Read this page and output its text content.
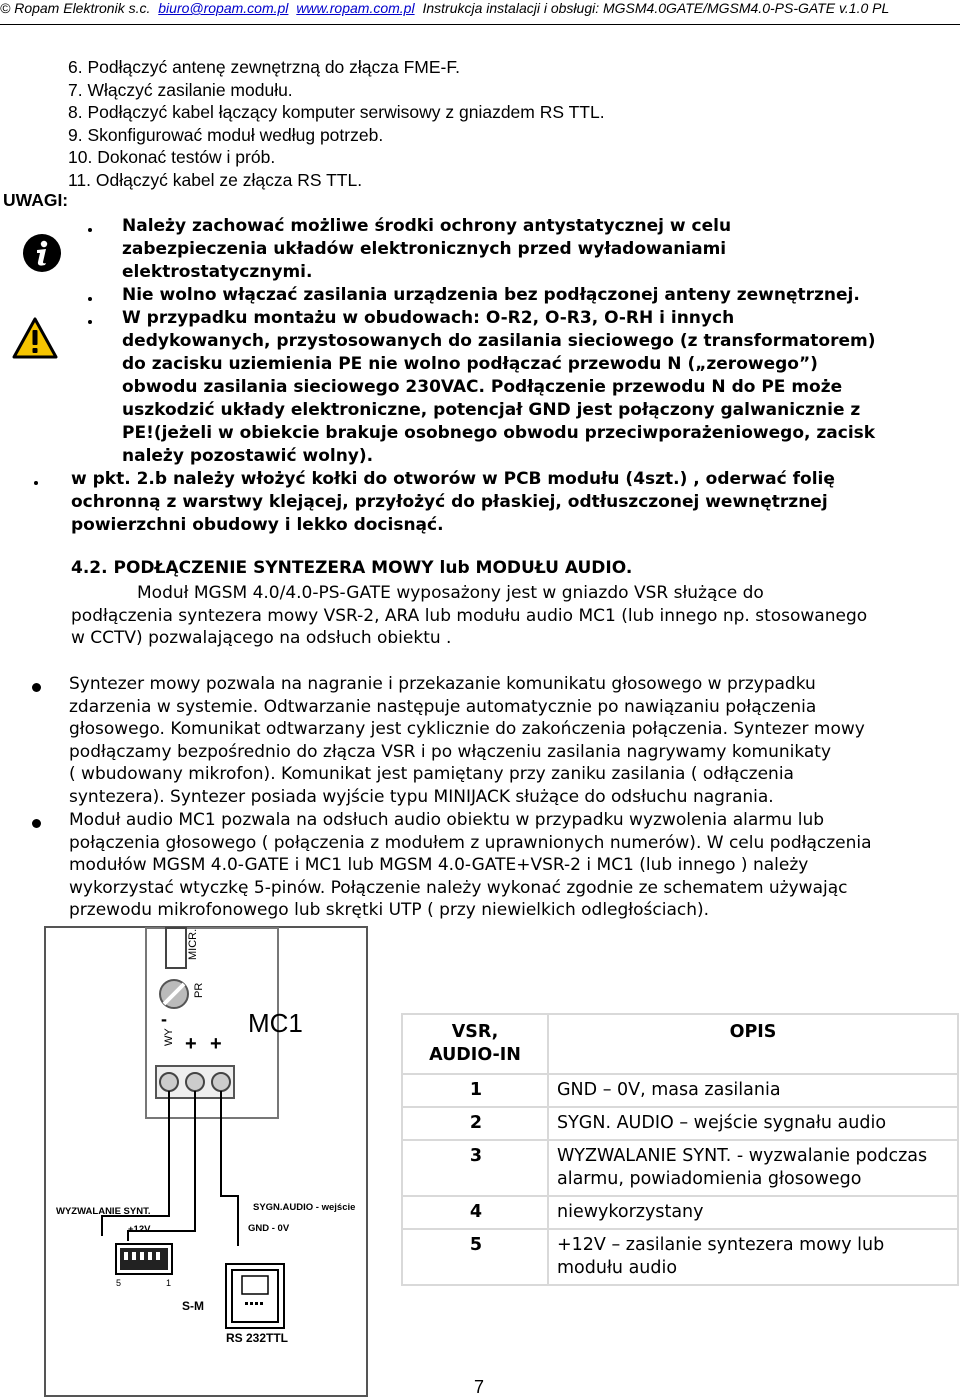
© Ropam Elektronik s.c. biuro@ropam.com.pl www.ropam.com.pl Instrukcja instalacji i obsługi: MGSM4.0GATE/MGSM4.0-PS-GATE v.1.0 PL
6. Podłączyć antenę zewnętrzną do złącza FME-F.
7. Włączyć zasilanie modułu.
8. Podłączyć kabel łączący komputer serwisowy z gniazdem RS TTL.
9. Skonfigurować moduł według potrzeb.
10. Dokonać testów i prób.
11. Odłączyć kabel ze złącza RS TTL.
UWAGI:
Należy zachować możliwe środki ochrony antystatycznej w celu
zabezpieczenia układów elektronicznych przed wyładowaniami
elektrostatycznymi.
Nie wolno włączać zasilania urządzenia bez podłączonej anteny zewnętrznej.
W przypadku montażu w obudowach: O-R2, O-R3, O-RH i innych
dedykowanych, przystosowanych do zasilania sieciowego (z transformatorem)
do zacisku uziemienia PE nie wolno podłączać przewodu N („zerowego”)
obwodu zasilania sieciowego 230VAC. Podłączenie przewodu N do PE może
uszkodzić układy elektroniczne, potencjał GND jest połączony galwanicznie z
PE!(jeżeli w obiekcie brakuje osobnego obwodu przeciwporażeniowego, zacisk
należy pozostawić wolny).
w pkt. 2.b należy włożyć kołki do otworów w PCB modułu (4szt.) , oderwać folię
ochronną z warstwy klejącej, przyłożyć do płaskiej, odtłuszczonej wewnętrznej
powierzchni obudowy i lekko docisnąć.
4.2. PODŁĄCZENIE SYNTEZERA MOWY lub MODUŁU AUDIO.
Moduł MGSM 4.0/4.0-PS-GATE wyposażony jest w gniazdo VSR służące do
podłączenia syntezera mowy VSR-2, ARA lub modułu audio MC1 (lub innego np. stosowanego
w CCTV) pozwalającego na odsłuch obiektu .
Syntezer mowy pozwala na nagranie i przekazanie komunikatu głosowego w przypadku
zdarzenia w systemie. Odtwarzanie następuje automatycznie po nawiązaniu połączenia
głosowego. Komunikat odtwarzany jest cyklicznie do zakończenia połączenia. Syntezer mowy
podłączamy bezpośrednio do złącza VSR i po włączeniu zasilania nagrywamy komunikaty
( wbudowany mikrofon). Komunikat jest pamiętany przy zaniku zasilania ( odłączenia
syntezera). Syntezer posiada wyjście typu MINIJACK służące do odsłuchu nagrania.
Moduł audio MC1 pozwala na odsłuch audio obiektu w przypadku wyzwolenia alarmu lub
połączenia głosowego ( połączenia z modułem z uprawnionych numerów). W celu podłączenia
modułów MGSM 4.0-GATE i MC1 lub MGSM 4.0-GATE+VSR-2 i MC1 (lub innego ) należy
wykorzystać wtyczkę 5-pinów. Połączenie należy wykonać zgodnie ze schematem używając
przewodu mikrofonowego lub skrętki UTP ( przy niewielkich odległościach).
MICR.
PR
WY
-
+ +
MC1
WYZWALANIE SYNT.
+12V
SYGN.AUDIO - wejście
GND - 0V
5	1
S-M
RS 232TTL
VSR,
AUDIO-IN	OPIS
1	GND – 0V, masa zasilania
2	SYGN. AUDIO – wejście sygnału audio
3	WYZWALANIE SYNT. - wyzwalanie podczas alarmu, powiadomienia głosowego
4	niewykorzystany
5	+12V – zasilanie syntezera mowy lub modułu audio
7
